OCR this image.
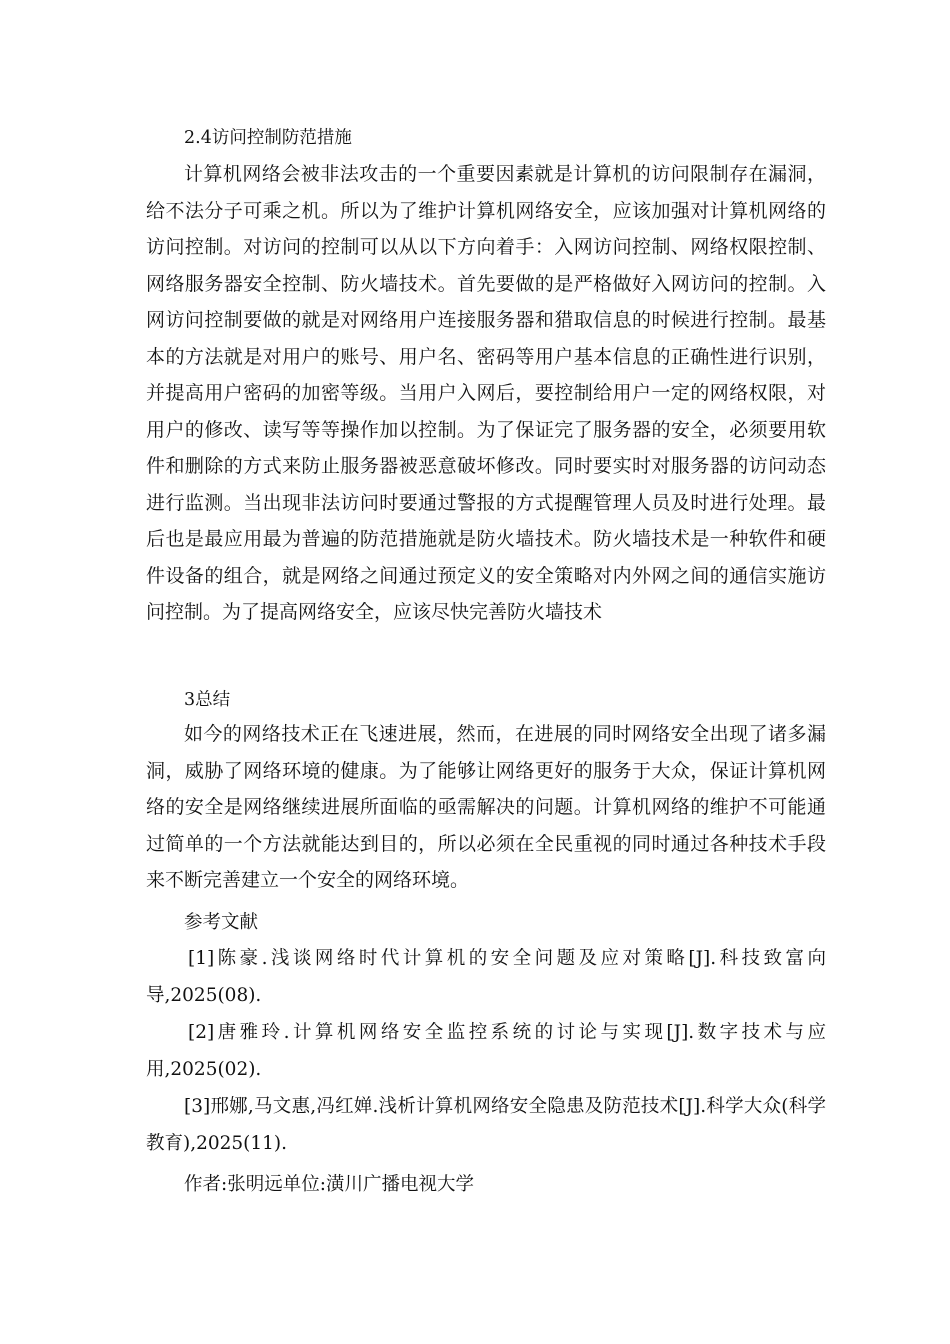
2.4访问控制防范措施

计算机网络会被非法攻击的一个重要因素就是计算机的访问限制存在漏洞，给不法分子可乘之机。所以为了维护计算机网络安全，应该加强对计算机网络的访问控制。对访问的控制可以从以下方向着手：入网访问控制、网络权限控制、网络服务器安全控制、防火墙技术。首先要做的是严格做好入网访问的控制。入网访问控制要做的就是对网络用户连接服务器和猎取信息的时候进行控制。最基本的方法就是对用户的账号、用户名、密码等用户基本信息的正确性进行识别，并提高用户密码的加密等级。当用户入网后，要控制给用户一定的网络权限，对用户的修改、读写等等操作加以控制。为了保证完了服务器的安全，必须要用软件和删除的方式来防止服务器被恶意破坏修改。同时要实时对服务器的访问动态进行监测。当出现非法访问时要通过警报的方式提醒管理人员及时进行处理。最后也是最应用最为普遍的防范措施就是防火墙技术。防火墙技术是一种软件和硬件设备的组合，就是网络之间通过预定义的安全策略对内外网之间的通信实施访问控制。为了提高网络安全，应该尽快完善防火墙技术

3总结

如今的网络技术正在飞速进展，然而，在进展的同时网络安全出现了诸多漏洞，威胁了网络环境的健康。为了能够让网络更好的服务于大众，保证计算机网络的安全是网络继续进展所面临的亟需解决的问题。计算机网络的维护不可能通过简单的一个方法就能达到目的，所以必须在全民重视的同时通过各种技术手段来不断完善建立一个安全的网络环境。

参考文献

[1]陈豪.浅谈网络时代计算机的安全问题及应对策略[J].科技致富向导,2025(08).

[2]唐雅玲.计算机网络安全监控系统的讨论与实现[J].数字技术与应用,2025(02).

[3]邢娜,马文惠,冯红婵.浅析计算机网络安全隐患及防范技术[J].科学大众(科学教育),2025(11).

作者:张明远单位:潢川广播电视大学
